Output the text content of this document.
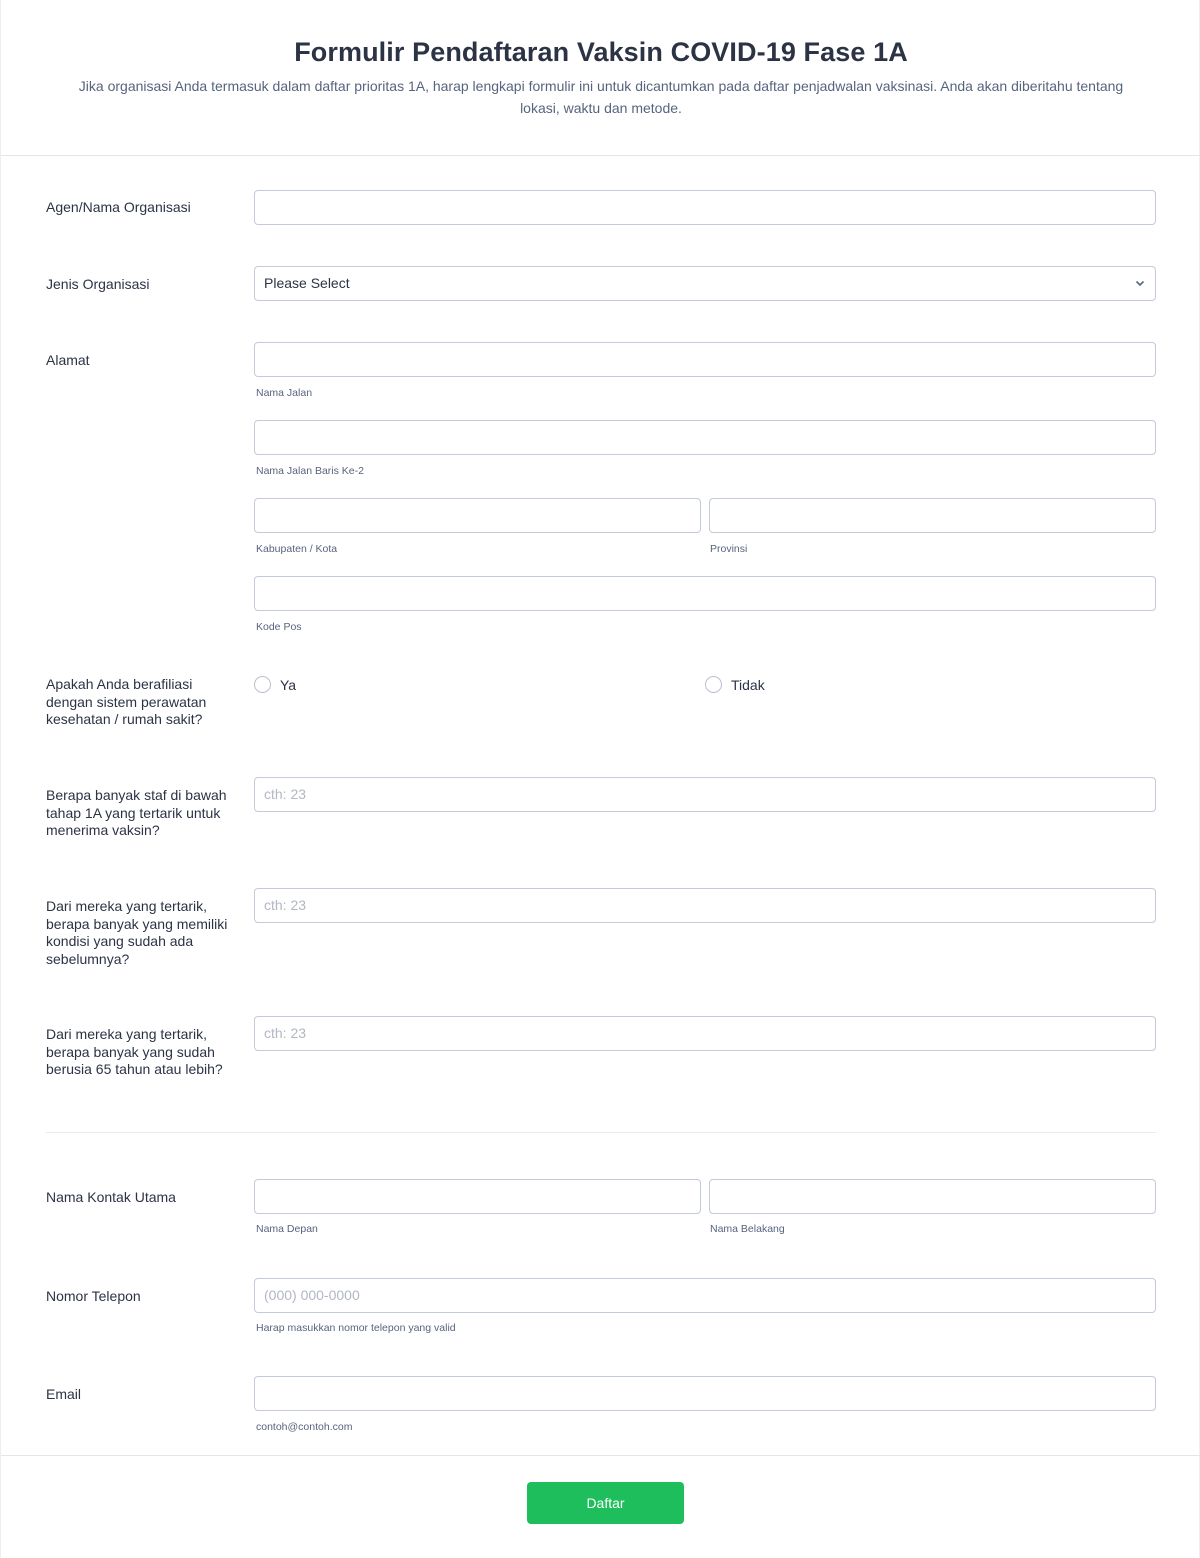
Formulir Pendaftaran Vaksin COVID-19 Fase 1A

Jika organisasi Anda termasuk dalam daftar prioritas 1A, harap lengkapi formulir ini untuk dicantumkan pada daftar penjadwalan vaksinasi. Anda akan diberitahu tentang lokasi, waktu dan metode.

Agen/Nama Organisasi
Jenis Organisasi	Please Select
Alamat
Nama Jalan
Nama Jalan Baris Ke-2
Kabupaten / Kota	Provinsi
Kode Pos
Apakah Anda berafiliasi dengan sistem perawatan kesehatan / rumah sakit?
Ya	Tidak
Berapa banyak staf di bawah tahap 1A yang tertarik untuk menerima vaksin?
cth: 23
Dari mereka yang tertarik, berapa banyak yang memiliki kondisi yang sudah ada sebelumnya?
cth: 23
Dari mereka yang tertarik, berapa banyak yang sudah berusia 65 tahun atau lebih?
cth: 23
Nama Kontak Utama
Nama Depan	Nama Belakang
Nomor Telepon	(000) 000-0000
Harap masukkan nomor telepon yang valid
Email
contoh@contoh.com
Daftar
